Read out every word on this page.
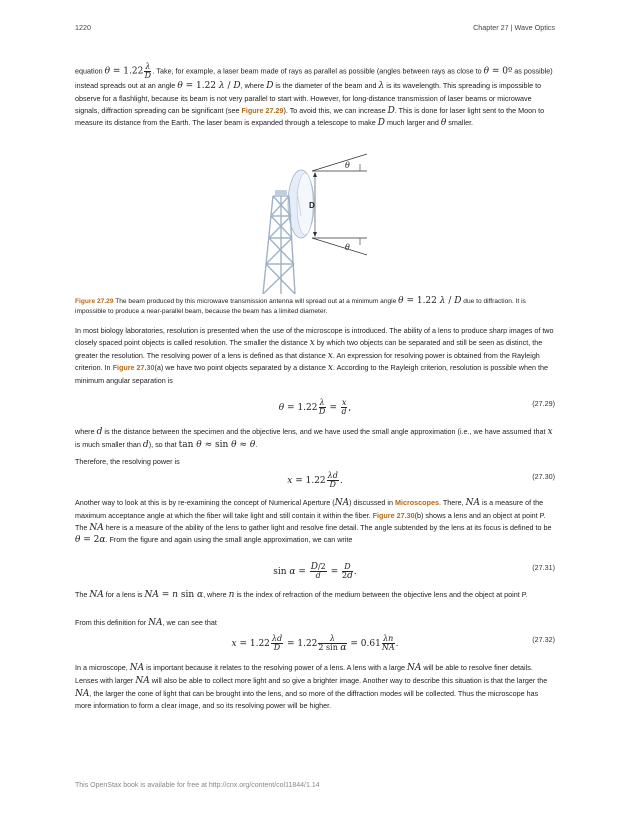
1220	Chapter 27 | Wave Optics

equation $\theta = 1.22 \frac{\lambda}{D}$ . Take, for example, a laser beam made of rays as parallel as possible (angles between rays as close to θ = 0º as possible) instead spreads out at an angle θ = 1.22 λ / D, where D is the diameter of the beam and λ is its wavelength. This spreading is impossible to observe for a flashlight, because its beam is not very parallel to start with. However, for long-distance transmission of laser beams or microwave signals, diffraction spreading can be significant (see Figure 27.29). To avoid this, we can increase D. This is done for laser light sent to the Moon to measure its distance from the Earth. The laser beam is expanded through a telescope to make D much larger and θ smaller.

θ
θ
D

Figure 27.29 The beam produced by this microwave transmission antenna will spread out at a minimum angle θ = 1.22 λ / D due to diffraction. It is impossible to produce a near-parallel beam, because the beam has a limited diameter.

In most biology laboratories, resolution is presented when the use of the microscope is introduced. The ability of a lens to produce sharp images of two closely spaced point objects is called resolution. The smaller the distance x by which two objects can be separated and still be seen as distinct, the greater the resolution. The resolving power of a lens is defined as that distance x. An expression for resolving power is obtained from the Rayleigh criterion. In Figure 27.30(a) we have two point objects separated by a distance x. According to the Rayleigh criterion, resolution is possible when the minimum angular separation is

$\theta = 1.22 \frac{\lambda}{D} = \frac{x}{d}$ ,	(27.29)

where d is the distance between the specimen and the objective lens, and we have used the small angle approximation (i.e., we have assumed that x is much smaller than d), so that tan θ ≈ sin θ ≈ θ.

Therefore, the resolving power is

$x = 1.22 \frac{\lambda d}{D}$ .	(27.30)

Another way to look at this is by re-examining the concept of Numerical Aperture (NA) discussed in Microscopes. There, NA is a measure of the maximum acceptance angle at which the fiber will take light and still contain it within the fiber. Figure 27.30(b) shows a lens and an object at point P. The NA here is a measure of the ability of the lens to gather light and resolve fine detail. The angle subtended by the lens at its focus is defined to be θ = 2α. From the figure and again using the small angle approximation, we can write

$\sin \alpha = \frac{D/2}{d} = \frac{D}{2d}$ .	(27.31)

The NA for a lens is NA = n sin α, where n is the index of refraction of the medium between the objective lens and the object at point P.

From this definition for NA, we can see that

$x = 1.22 \frac{\lambda d}{D} = 1.22 \frac{\lambda}{\text{2 sin α}} = 0.61 \frac{\lambda n}{NA}$ .	(27.32)

In a microscope, NA is important because it relates to the resolving power of a lens. A lens with a large NA will be able to resolve finer details. Lenses with larger NA will also be able to collect more light and so give a brighter image. Another way to describe this situation is that the larger the NA, the larger the cone of light that can be brought into the lens, and so more of the diffraction modes will be collected. Thus the microscope has more information to form a clear image, and so its resolving power will be higher.

This OpenStax book is available for free at http://cnx.org/content/col11844/1.14
